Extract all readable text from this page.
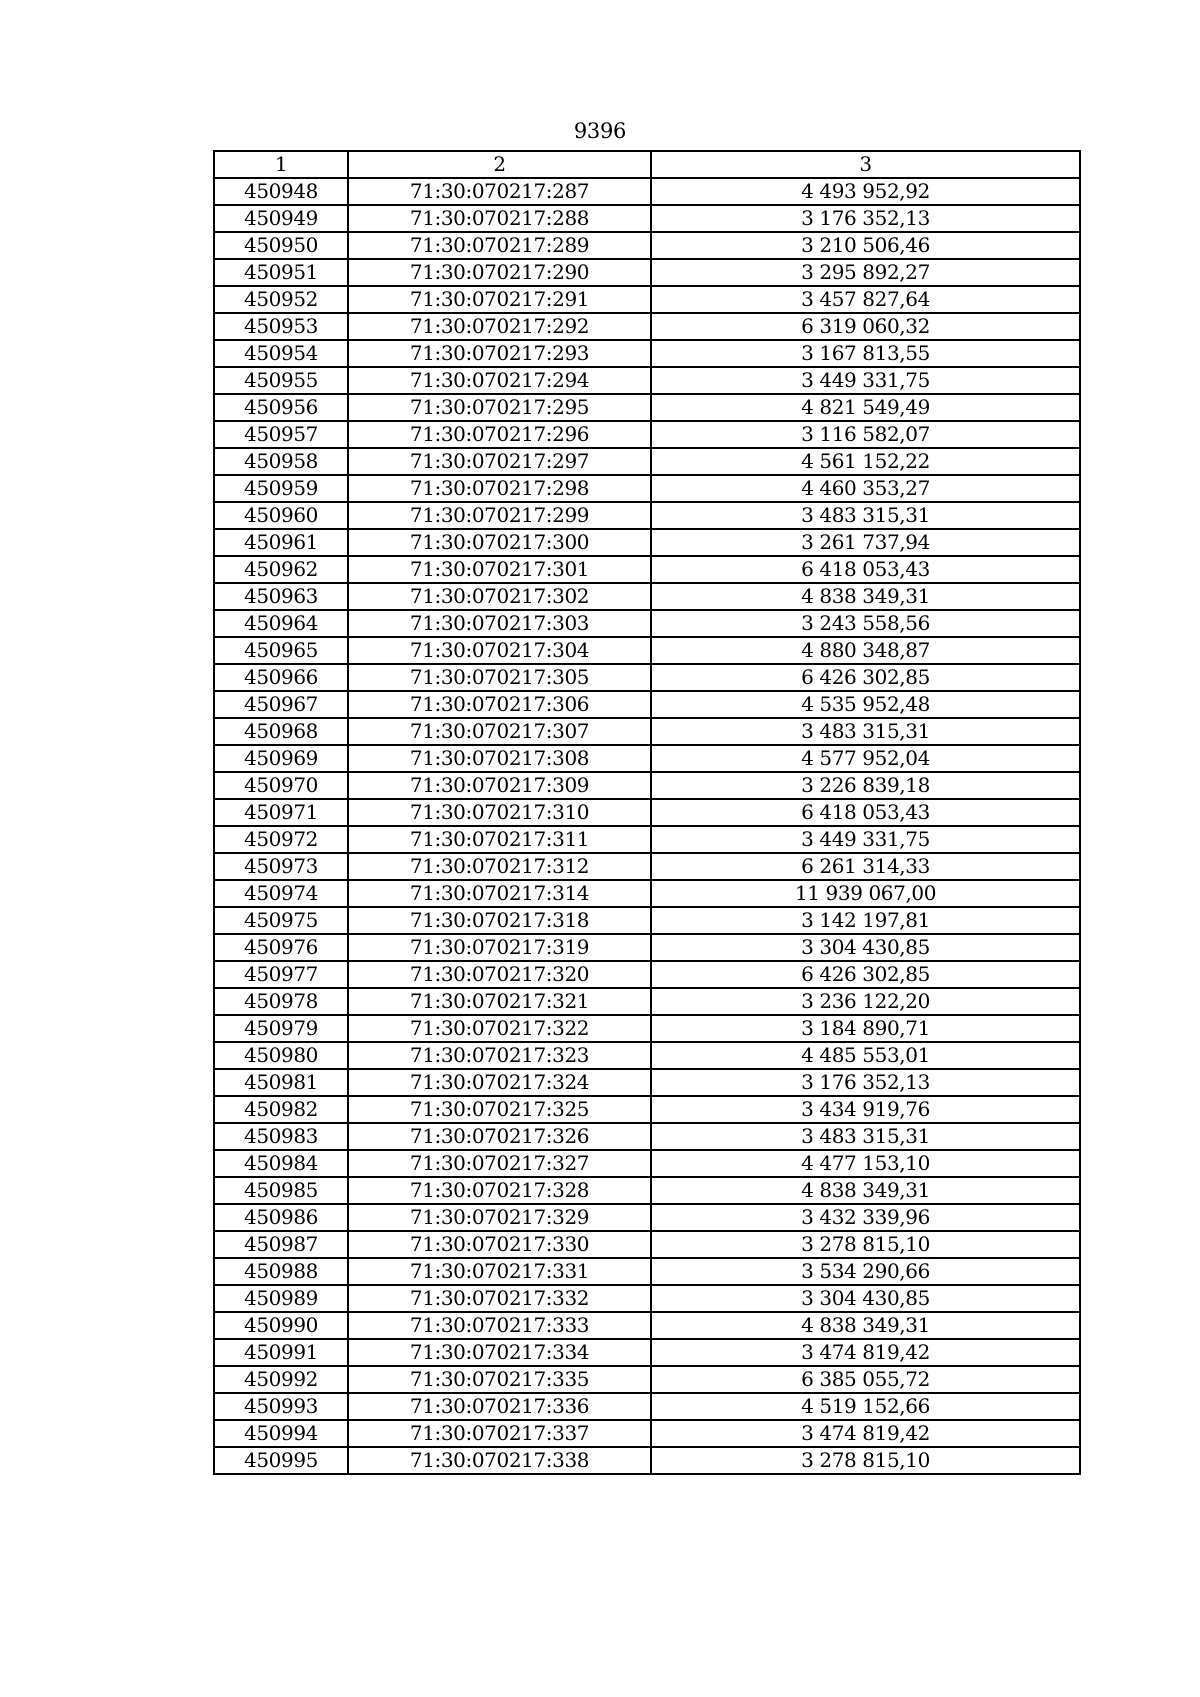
9396
1	2	3
450948	71:30:070217:287	4 493 952,92
450949	71:30:070217:288	3 176 352,13
450950	71:30:070217:289	3 210 506,46
450951	71:30:070217:290	3 295 892,27
450952	71:30:070217:291	3 457 827,64
450953	71:30:070217:292	6 319 060,32
450954	71:30:070217:293	3 167 813,55
450955	71:30:070217:294	3 449 331,75
450956	71:30:070217:295	4 821 549,49
450957	71:30:070217:296	3 116 582,07
450958	71:30:070217:297	4 561 152,22
450959	71:30:070217:298	4 460 353,27
450960	71:30:070217:299	3 483 315,31
450961	71:30:070217:300	3 261 737,94
450962	71:30:070217:301	6 418 053,43
450963	71:30:070217:302	4 838 349,31
450964	71:30:070217:303	3 243 558,56
450965	71:30:070217:304	4 880 348,87
450966	71:30:070217:305	6 426 302,85
450967	71:30:070217:306	4 535 952,48
450968	71:30:070217:307	3 483 315,31
450969	71:30:070217:308	4 577 952,04
450970	71:30:070217:309	3 226 839,18
450971	71:30:070217:310	6 418 053,43
450972	71:30:070217:311	3 449 331,75
450973	71:30:070217:312	6 261 314,33
450974	71:30:070217:314	11 939 067,00
450975	71:30:070217:318	3 142 197,81
450976	71:30:070217:319	3 304 430,85
450977	71:30:070217:320	6 426 302,85
450978	71:30:070217:321	3 236 122,20
450979	71:30:070217:322	3 184 890,71
450980	71:30:070217:323	4 485 553,01
450981	71:30:070217:324	3 176 352,13
450982	71:30:070217:325	3 434 919,76
450983	71:30:070217:326	3 483 315,31
450984	71:30:070217:327	4 477 153,10
450985	71:30:070217:328	4 838 349,31
450986	71:30:070217:329	3 432 339,96
450987	71:30:070217:330	3 278 815,10
450988	71:30:070217:331	3 534 290,66
450989	71:30:070217:332	3 304 430,85
450990	71:30:070217:333	4 838 349,31
450991	71:30:070217:334	3 474 819,42
450992	71:30:070217:335	6 385 055,72
450993	71:30:070217:336	4 519 152,66
450994	71:30:070217:337	3 474 819,42
450995	71:30:070217:338	3 278 815,10
